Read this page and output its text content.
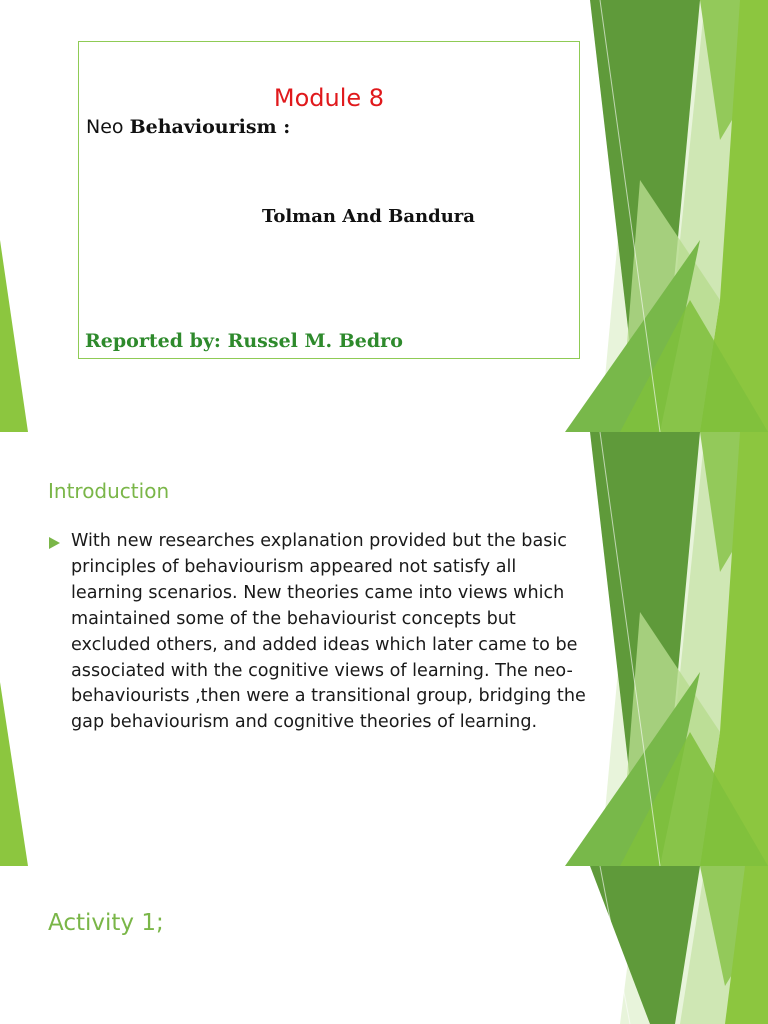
Module 8
Neo Behaviourism :
Tolman And Bandura
Reported by: Russel M. Bedro
Introduction
With new researches explanation provided but the basic principles of behaviourism appeared not satisfy all learning scenarios. New theories came into views which maintained some of the behaviourist concepts but excluded others, and added ideas which later came to be associated with the cognitive views of learning. The neo-behaviourists ,then were a transitional group, bridging the gap behaviourism and cognitive theories of learning.
Activity 1;
